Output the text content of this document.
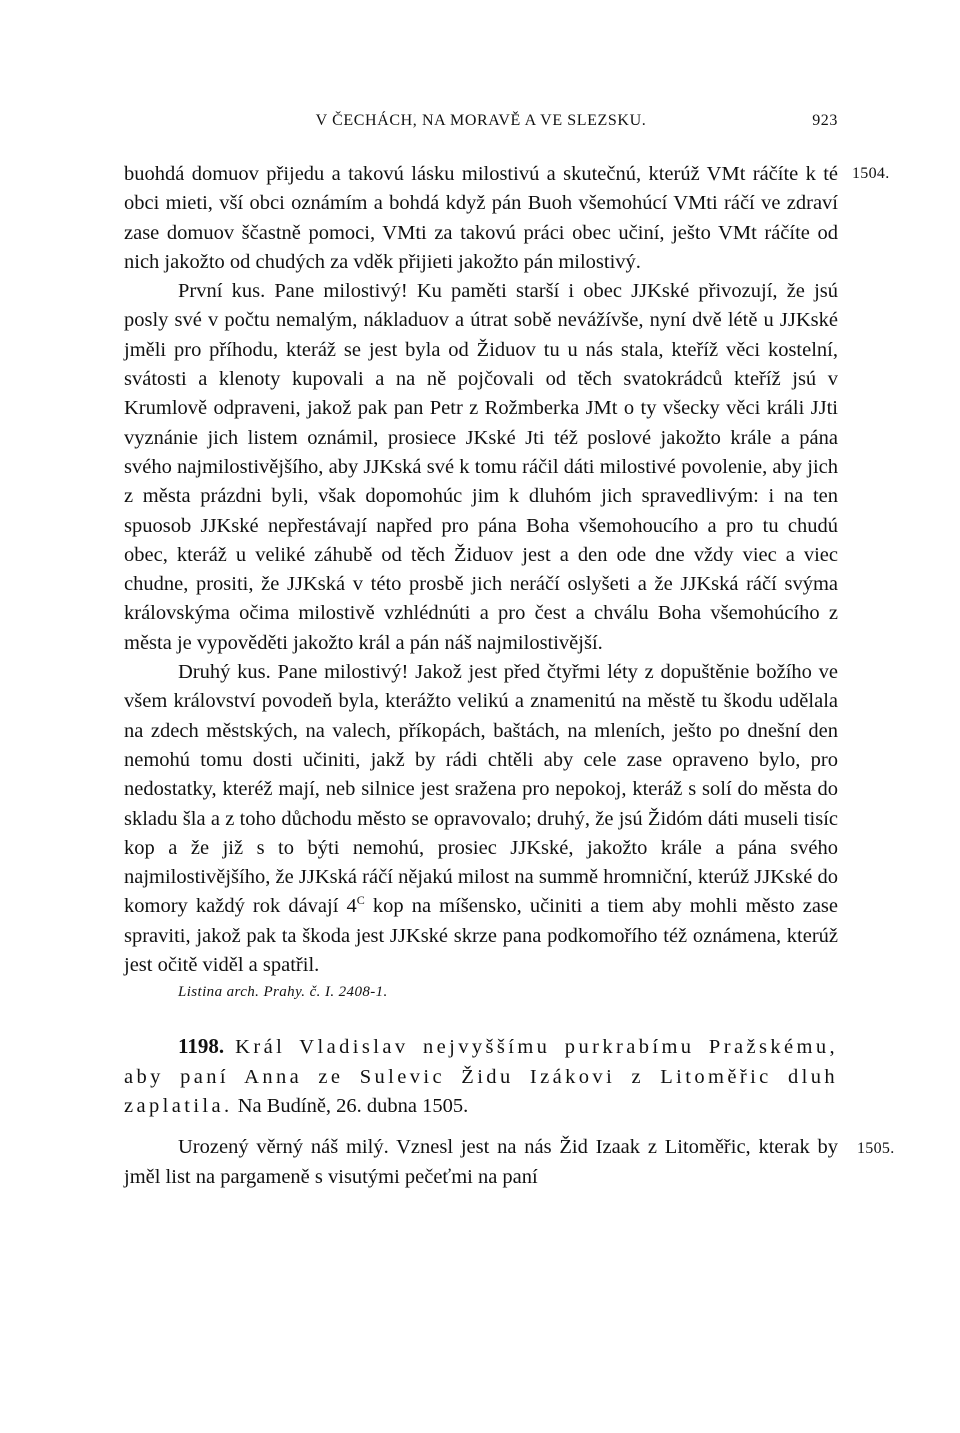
V ČECHÁCH, NA MORAVĚ A VE SLEZSKU.	923
1504.
1505.

buohdá domuov přijedu a takovú lásku milostivú a skutečnú, kterúž VMt ráčíte k té obci mieti, vší obci oznámím a bohdá když pán Buoh všemohúcí VMti ráčí ve zdraví zase domuov ščastně pomoci, VMti za takovú práci obec učiní, ješto VMt ráčíte od nich jakožto od chudých za vděk přijieti jakožto pán milostivý.

První kus. Pane milostivý! Ku paměti starší i obec JJKské přivozují, že jsú posly své v počtu nemalým, nákladuov a útrat sobě nevážívše, nyní dvě létě u JJKské jměli pro příhodu, kteráž se jest byla od Židuov tu u nás stala, kteříž věci kostelní, svátosti a klenoty kupovali a na ně pojčovali od těch svatokrádců kteříž jsú v Krumlově odpraveni, jakož pak pan Petr z Rožmberka JMt o ty všecky věci králi JJti vyznánie jich listem oznámil, prosiece JKské Jti též poslové jakožto krále a pána svého najmilostivějšího, aby JJKská své k tomu ráčil dáti milostivé povolenie, aby jich z města prázdni byli, však dopomohúc jim k dluhóm jich spravedlivým: i na ten spuosob JJKské nepřestávají napřed pro pána Boha všemohoucího a pro tu chudú obec, kteráž u veliké záhubě od těch Židuov jest a den ode dne vždy viec a viec chudne, prositi, že JJKská v této prosbě jich neráčí oslyšeti a že JJKská ráčí svýma královskýma očima milostivě vzhlédnúti a pro čest a chválu Boha všemohúcího z města je vypověděti jakožto král a pán náš najmilostivější.

Druhý kus. Pane milostivý! Jakož jest před čtyřmi léty z dopuštěnie božího ve všem království povodeň byla, kterážto velikú a znamenitú na městě tu škodu udělala na zdech městských, na valech, příkopách, baštách, na mleních, ješto po dnešní den nemohú tomu dosti učiniti, jakž by rádi chtěli aby cele zase opraveno bylo, pro nedostatky, kteréž mají, neb silnice jest sražena pro nepokoj, kteráž s solí do města do skladu šla a z toho důchodu město se opravovalo; druhý, že jsú Židóm dáti museli tisíc kop a že již s to býti nemohú, prosiec JJKské, jakožto krále a pána svého najmilostivějšího, že JJKská ráčí nějakú milost na summě hromniční, kterúž JJKské do komory každý rok dávají $4^C$ kop na míšensko, učiniti a tiem aby mohli město zase spraviti, jakož pak ta škoda jest JJKské skrze pana podkomořího též oznámena, kterúž jest očitě viděl a spatřil.

Listina arch. Prahy. č. I. 2408-1.

1198. Král Vladislav nejvyššímu purkrabímu Pražskému, aby paní Anna ze Sulevic Židu Izákovi z Litoměřic dluh zaplatila. Na Budíně, 26. dubna 1505.

Urozený věrný náš milý. Vznesl jest na nás Žid Izaak z Litoměřic, kterak by jměl list na pargameně s visutými pečeťmi na paní
